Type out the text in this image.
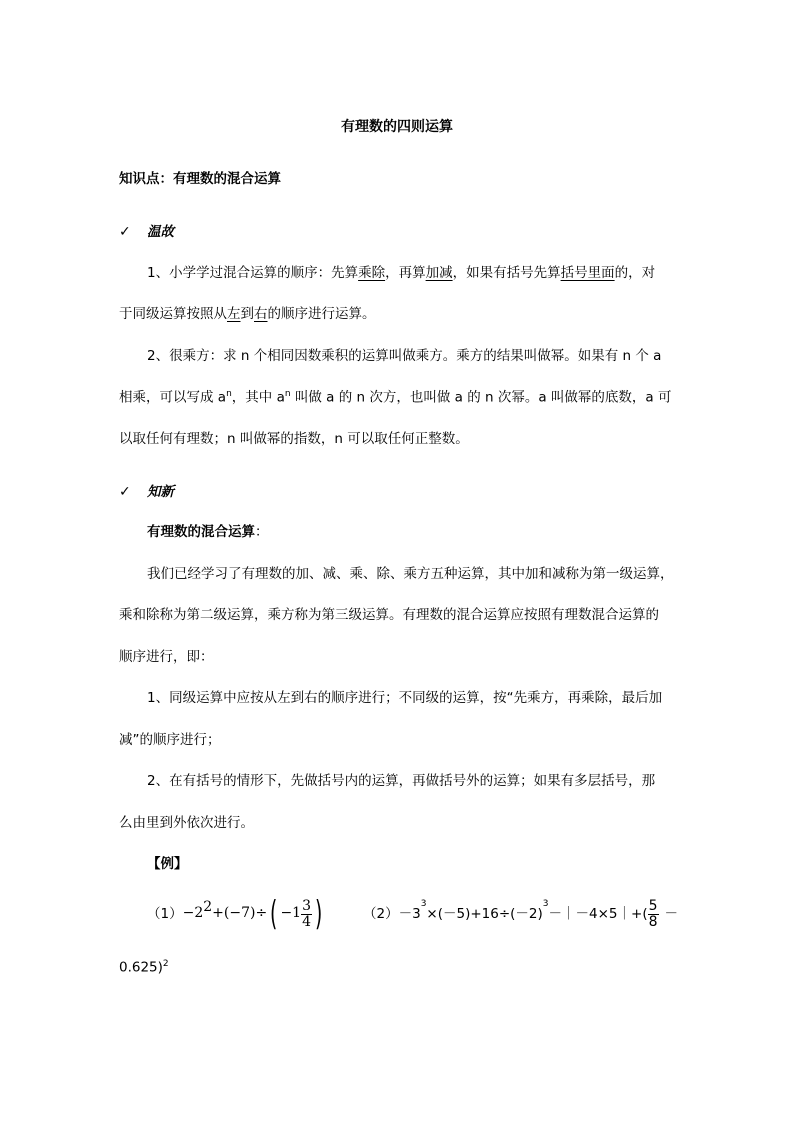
有理数的四则运算
知识点：有理数的混合运算
✓ 温故
1、小学学过混合运算的顺序：先算乘除，再算加减，如果有括号先算括号里面的，对
于同级运算按照从左到右的顺序进行运算。
2、很乘方：求 n 个相同因数乘积的运算叫做乘方。乘方的结果叫做幂。如果有 n 个 a
相乘，可以写成 $a^n$，其中 $a^n$ 叫做 a 的 n 次方，也叫做 a 的 n 次幂。a 叫做幂的底数，a 可
以取任何有理数；n 叫做幂的指数，n 可以取任何正整数。
✓ 知新
有理数的混合运算：
我们已经学习了有理数的加、减、乘、除、乘方五种运算，其中加和减称为第一级运算，
乘和除称为第二级运算，乘方称为第三级运算。有理数的混合运算应按照有理数混合运算的
顺序进行，即：
1、同级运算中应按从左到右的顺序进行；不同级的运算，按“先乘方，再乘除，最后加
减”的顺序进行；
2、在有括号的情形下，先做括号内的运算，再做括号外的运算；如果有多层括号，那
么由里到外依次进行。
【例】
（1） −2 2 + (−7) ÷ ( $-1 \frac{3}{4}$ )	（2） －3
$^3$
×(－5)+16÷(－2)
$^3$
－｜－4×5｜+( $\frac{5}{8}$ －
0.625)$^2$
